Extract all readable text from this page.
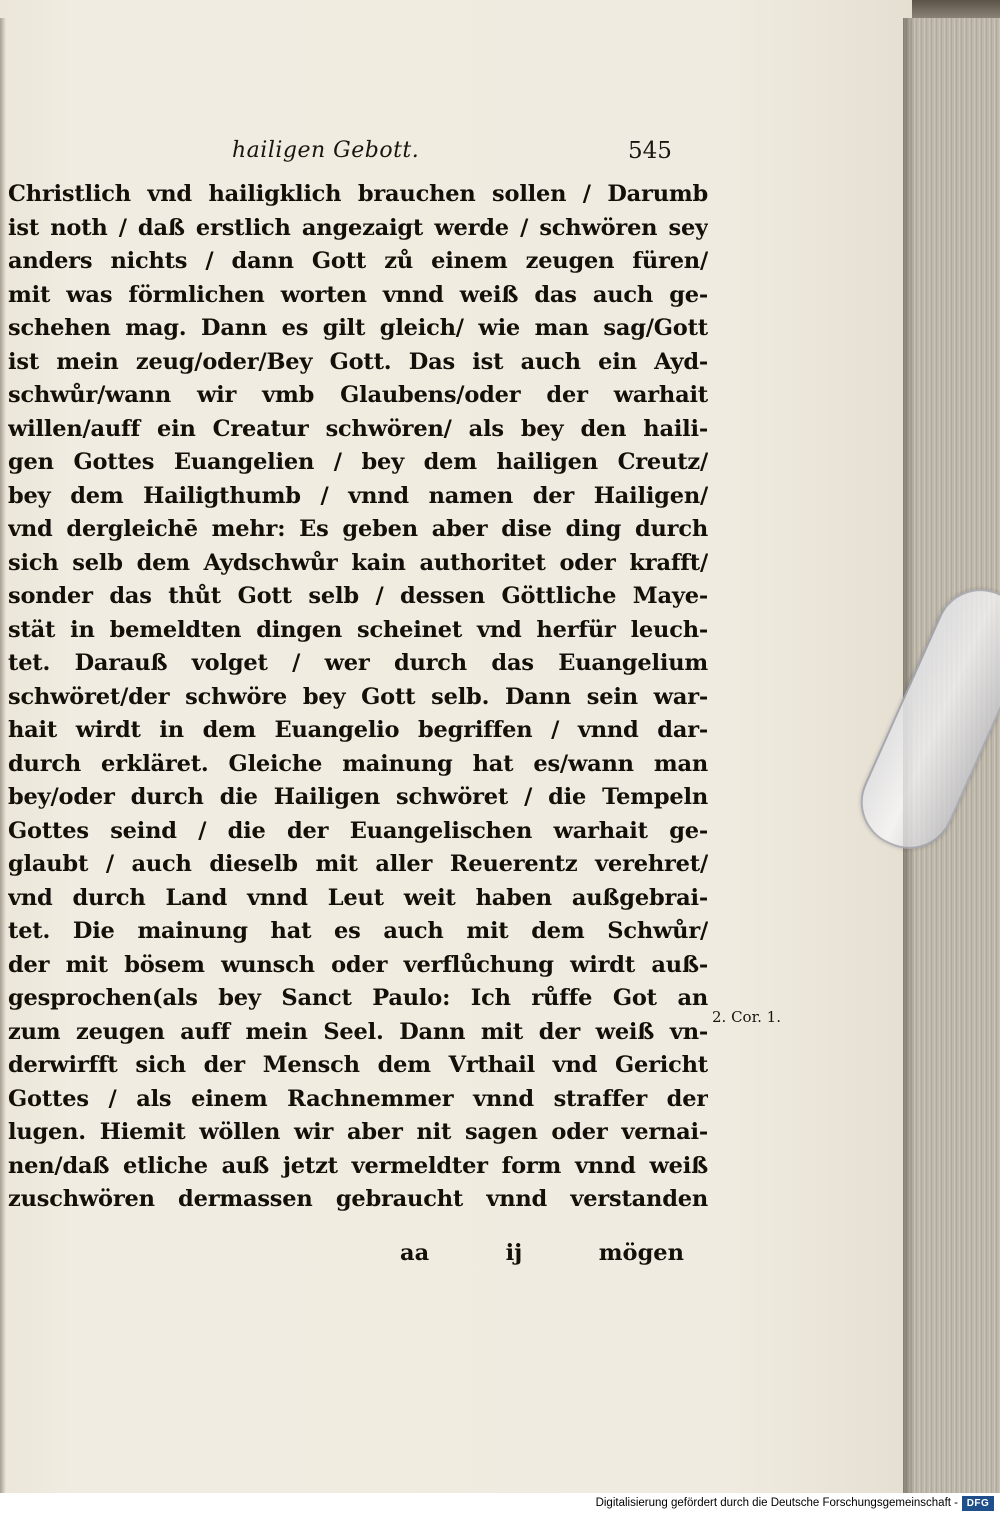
hailigen Gebott.	545
Christlich vnd hailigklich brauchen sollen / Darumb
ist noth / daß erstlich angezaigt werde / schwören sey
anders nichts / dann Gott zů einem zeugen füren/
mit was förmlichen worten vnnd weiß das auch ge-
schehen mag. Dann es gilt gleich/ wie man sag/Gott
ist mein zeug/oder/Bey Gott. Das ist auch ein Ayd-
schwůr/wann wir vmb Glaubens/oder der warhait
willen/auff ein Creatur schwören/ als bey den haili-
gen Gottes Euangelien / bey dem hailigen Creutz/
bey dem Hailigthumb / vnnd namen der Hailigen/
vnd dergleichē mehr: Es geben aber dise ding durch
sich selb dem Aydschwůr kain authoritet oder krafft/
sonder das thůt Gott selb / dessen Göttliche Maye-
stät in bemeldten dingen scheinet vnd herfür leuch-
tet. Darauß volget / wer durch das Euangelium
schwöret/der schwöre bey Gott selb. Dann sein war-
hait wirdt in dem Euangelio begriffen / vnnd dar-
durch erkläret. Gleiche mainung hat es/wann man
bey/oder durch die Hailigen schwöret / die Tempeln
Gottes seind / die der Euangelischen warhait ge-
glaubt / auch dieselb mit aller Reuerentz verehret/
vnd durch Land vnnd Leut weit haben außgebrai-
tet. Die mainung hat es auch mit dem Schwůr/
der mit bösem wunsch oder verflůchung wirdt auß-
gesprochen(als bey Sanct Paulo: Ich růffe Got an
zum zeugen auff mein Seel. Dann mit der weiß vn-
derwirfft sich der Mensch dem Vrthail vnd Gericht
Gottes / als einem Rachnemmer vnnd straffer der
lugen. Hiemit wöllen wir aber nit sagen oder vernai-
nen/daß etliche auß jetzt vermeldter form vnnd weiß
zuschwören dermassen gebraucht vnnd verstanden
aa	ij	mögen
2. Cor. 1.
Digitalisierung gefördert durch die Deutsche Forschungsgemeinschaft - DFG
